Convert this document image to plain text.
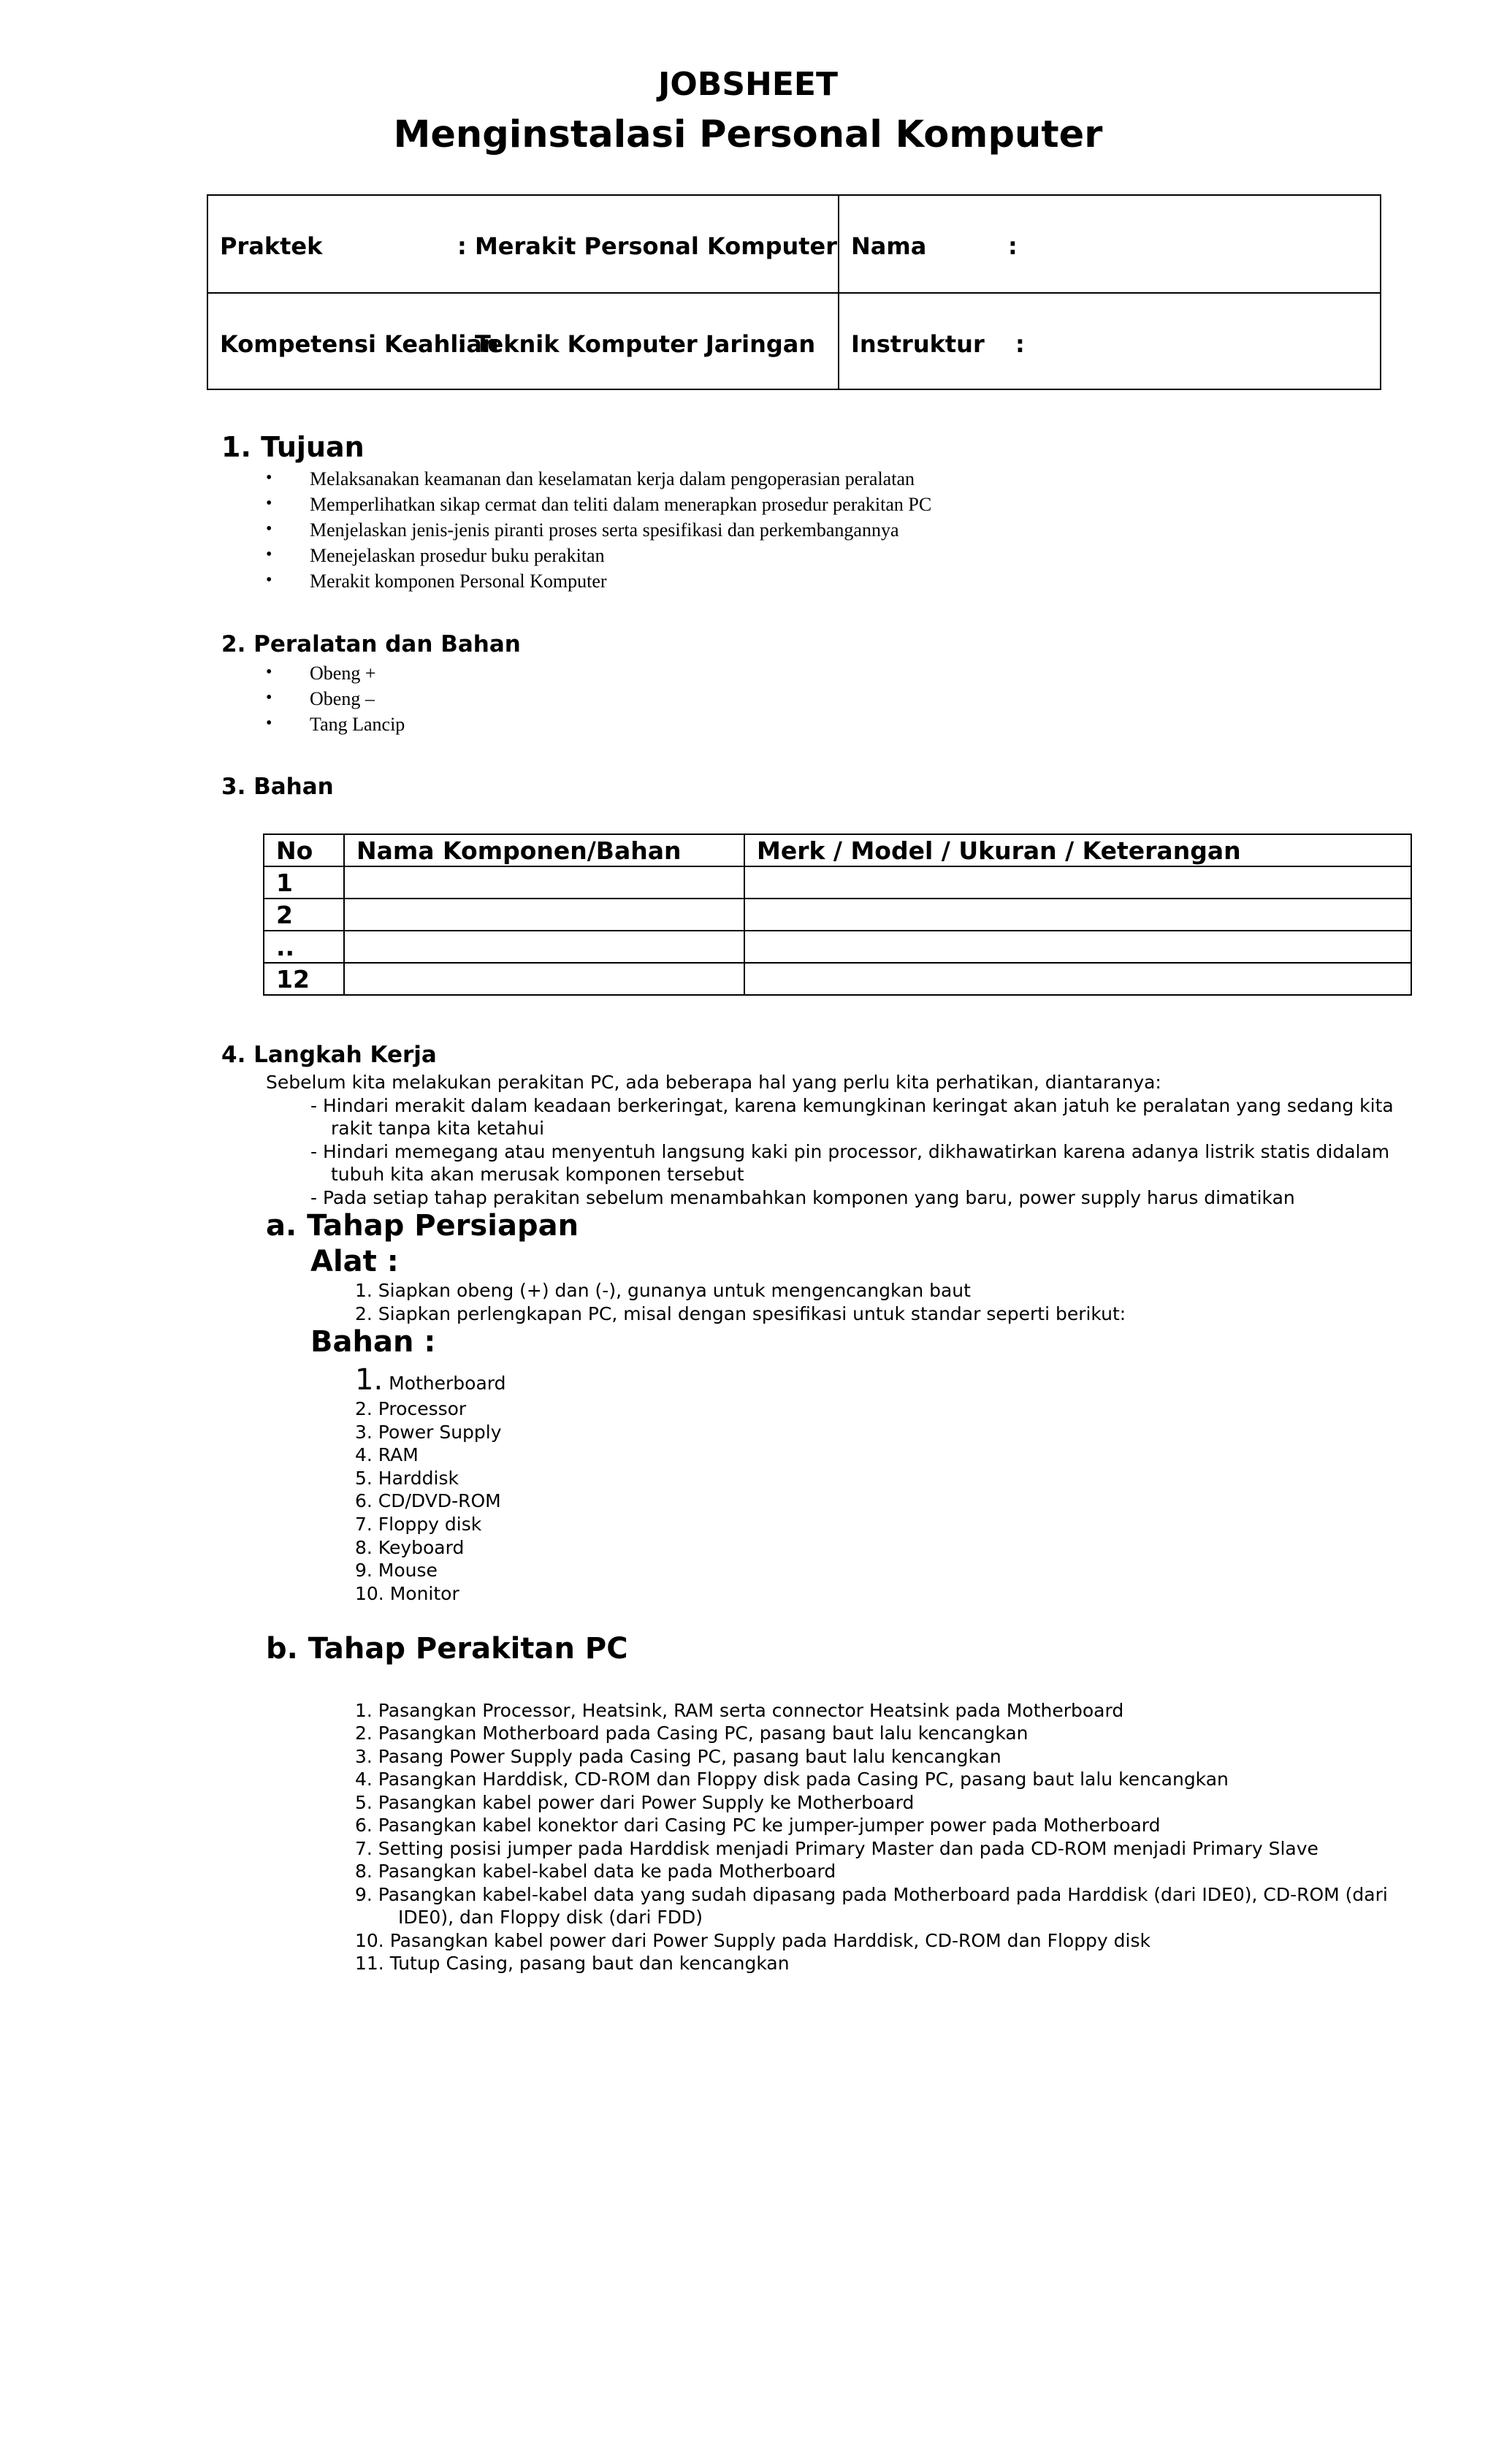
JOBSHEET
Menginstalasi Personal Komputer
Praktek	: Merakit Personal Komputer
Kompetensi Keahlian
: Teknik Komputer Jaringan
Nama	:
Instruktur :
1. Tujuan
• Melaksanakan keamanan dan keselamatan kerja dalam pengoperasian peralatan
• Memperlihatkan sikap cermat dan teliti dalam menerapkan prosedur perakitan PC
• Menjelaskan jenis-jenis piranti proses serta spesifikasi dan perkembangannya
• Menejelaskan prosedur buku perakitan
• Merakit komponen Personal Komputer
2. Peralatan dan Bahan
• Obeng +
• Obeng –
• Tang Lancip
3. Bahan
No	Nama Komponen/Bahan	Merk / Model / Ukuran / Keterangan
1		
2		
..		
12		
4. Langkah Kerja
Sebelum kita melakukan perakitan PC, ada beberapa hal yang perlu kita perhatikan, diantaranya:
- Hindari merakit dalam keadaan berkeringat, karena kemungkinan keringat akan jatuh ke peralatan yang sedang kita
rakit tanpa kita ketahui
- Hindari memegang atau menyentuh langsung kaki pin processor, dikhawatirkan karena adanya listrik statis didalam
tubuh kita akan merusak komponen tersebut
- Pada setiap tahap perakitan sebelum menambahkan komponen yang baru, power supply harus dimatikan
a. Tahap Persiapan
Alat :
1. Siapkan obeng (+) dan (-), gunanya untuk mengencangkan baut
2. Siapkan perlengkapan PC, misal dengan spesifikasi untuk standar seperti berikut:
Bahan :
1. Motherboard
2. Processor
3. Power Supply
4. RAM
5. Harddisk
6. CD/DVD-ROM
7. Floppy disk
8. Keyboard
9. Mouse
10. Monitor
b. Tahap Perakitan PC
1. Pasangkan Processor, Heatsink, RAM serta connector Heatsink pada Motherboard
2. Pasangkan Motherboard pada Casing PC, pasang baut lalu kencangkan
3. Pasang Power Supply pada Casing PC, pasang baut lalu kencangkan
4. Pasangkan Harddisk, CD-ROM dan Floppy disk pada Casing PC, pasang baut lalu kencangkan
5. Pasangkan kabel power dari Power Supply ke Motherboard
6. Pasangkan kabel konektor dari Casing PC ke jumper-jumper power pada Motherboard
7. Setting posisi jumper pada Harddisk menjadi Primary Master dan pada CD-ROM menjadi Primary Slave
8. Pasangkan kabel-kabel data ke pada Motherboard
9. Pasangkan kabel-kabel data yang sudah dipasang pada Motherboard pada Harddisk (dari IDE0), CD-ROM (dari
IDE0), dan Floppy disk (dari FDD)
10. Pasangkan kabel power dari Power Supply pada Harddisk, CD-ROM dan Floppy disk
11. Tutup Casing, pasang baut dan kencangkan
